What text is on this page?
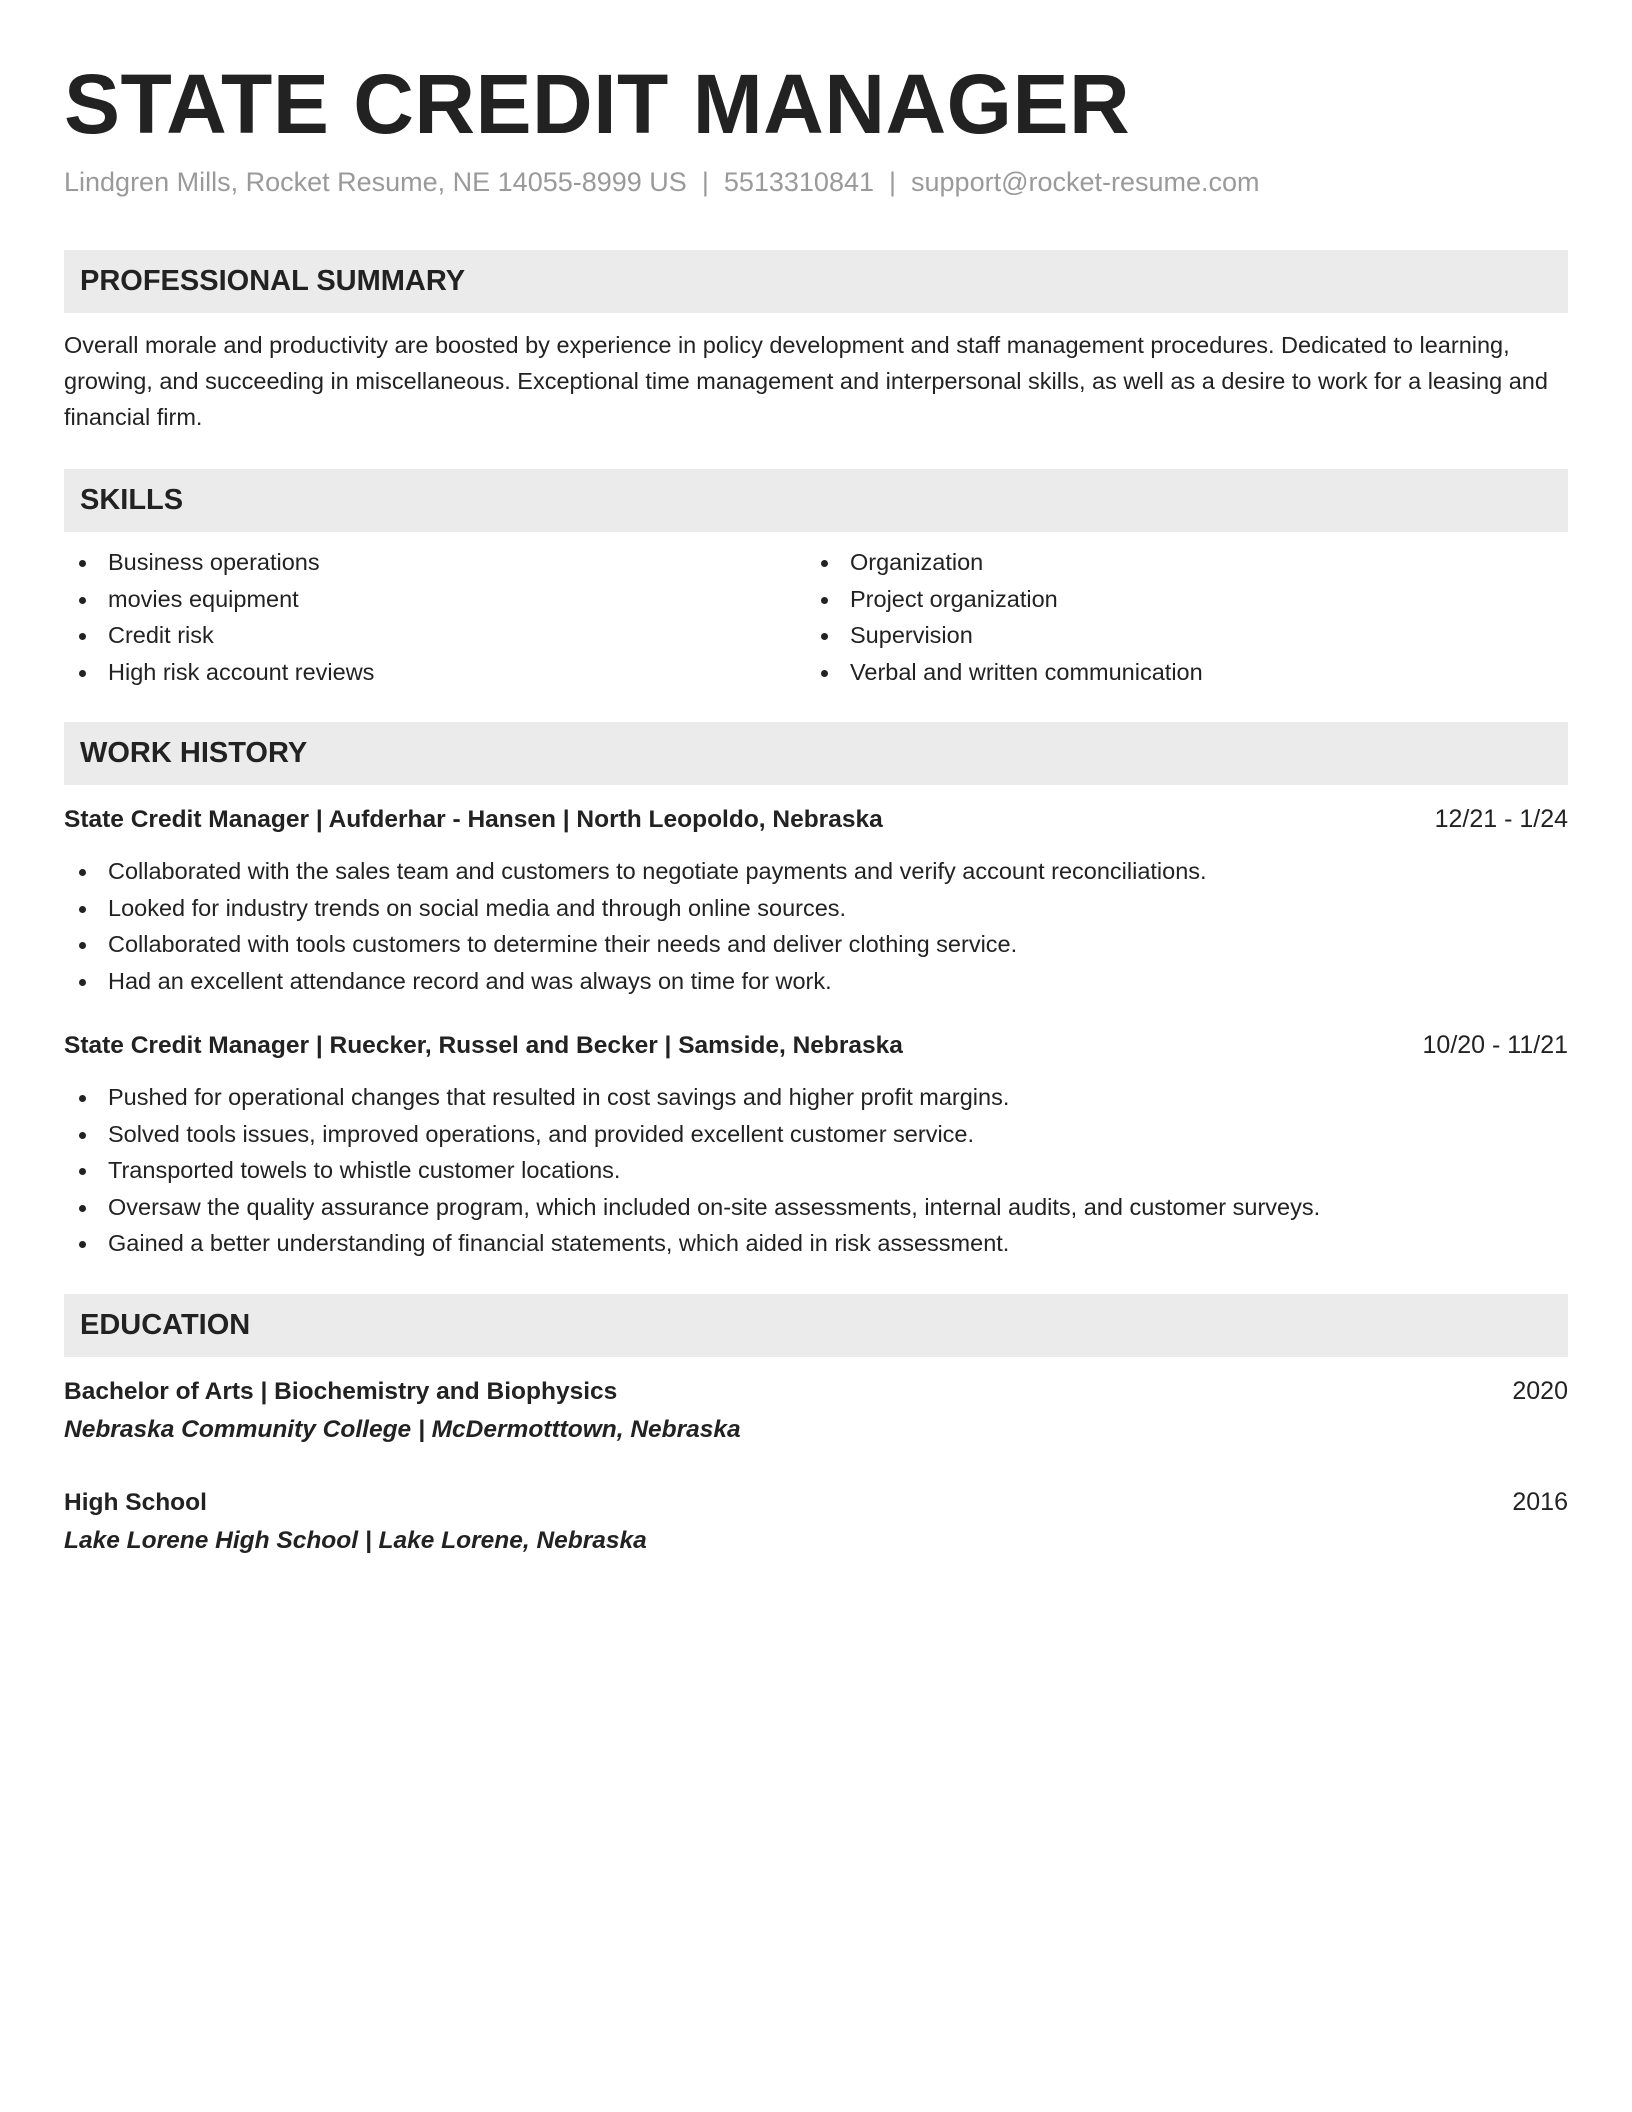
STATE CREDIT MANAGER
Lindgren Mills, Rocket Resume, NE 14055-8999 US | 5513310841 | support@rocket-resume.com
PROFESSIONAL SUMMARY
Overall morale and productivity are boosted by experience in policy development and staff management procedures. Dedicated to learning, growing, and succeeding in miscellaneous. Exceptional time management and interpersonal skills, as well as a desire to work for a leasing and financial firm.
SKILLS
Business operations
movies equipment
Credit risk
High risk account reviews
Organization
Project organization
Supervision
Verbal and written communication
WORK HISTORY
State Credit Manager | Aufderhar - Hansen | North Leopoldo, Nebraska	12/21 - 1/24
Collaborated with the sales team and customers to negotiate payments and verify account reconciliations.
Looked for industry trends on social media and through online sources.
Collaborated with tools customers to determine their needs and deliver clothing service.
Had an excellent attendance record and was always on time for work.
State Credit Manager | Ruecker, Russel and Becker | Samside, Nebraska	10/20 - 11/21
Pushed for operational changes that resulted in cost savings and higher profit margins.
Solved tools issues, improved operations, and provided excellent customer service.
Transported towels to whistle customer locations.
Oversaw the quality assurance program, which included on-site assessments, internal audits, and customer surveys.
Gained a better understanding of financial statements, which aided in risk assessment.
EDUCATION
Bachelor of Arts | Biochemistry and Biophysics	2020
Nebraska Community College | McDermotttown, Nebraska
High School	2016
Lake Lorene High School | Lake Lorene, Nebraska
